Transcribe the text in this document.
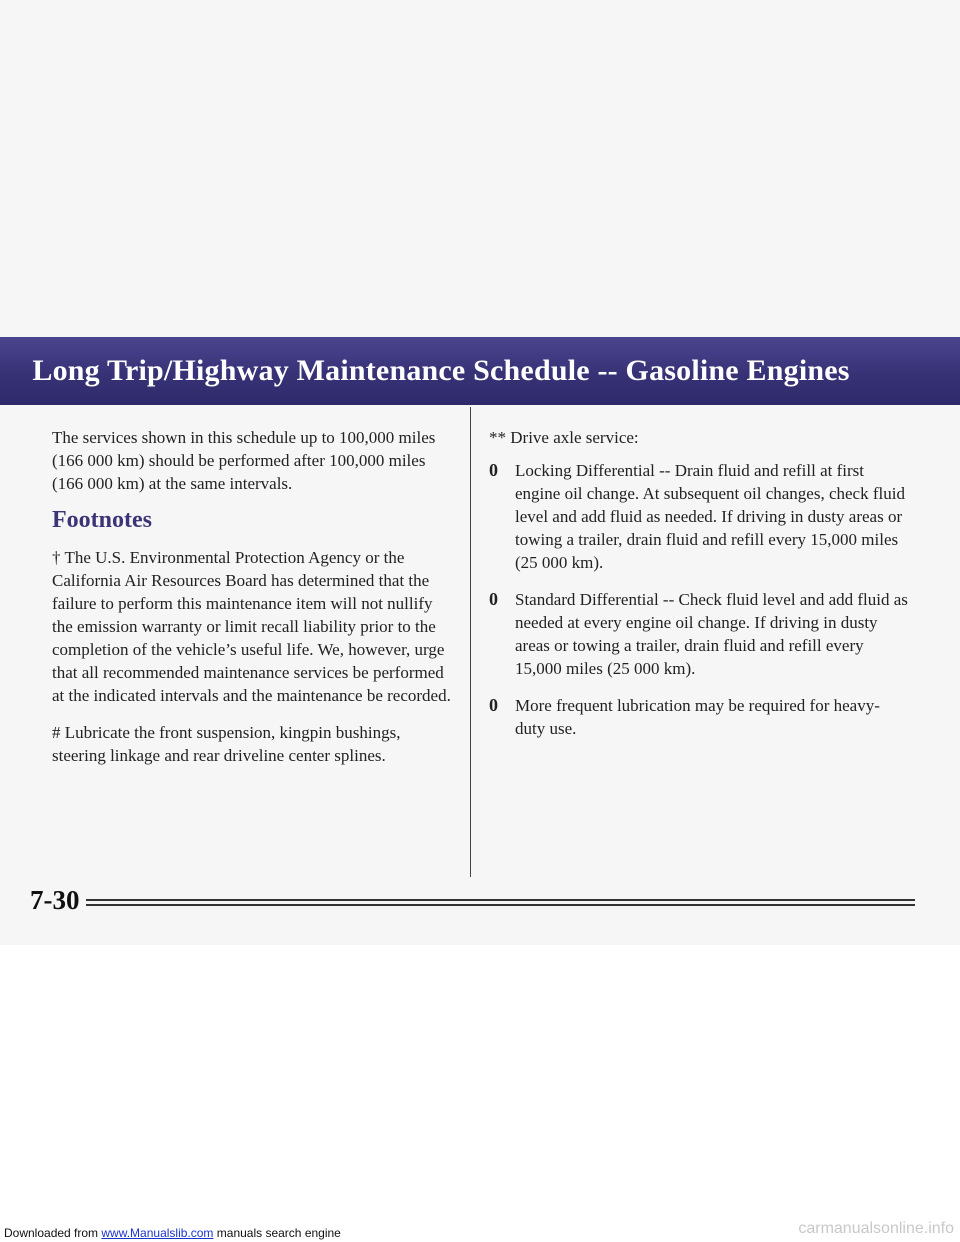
Long Trip/Highway Maintenance Schedule -- Gasoline Engines

The services shown in this schedule up to 100,000 miles (166 000 km) should be performed after 100,000 miles (166 000 km) at the same intervals.

Footnotes

† The U.S. Environmental Protection Agency or the California Air Resources Board has determined that the failure to perform this maintenance item will not nullify the emission warranty or limit recall liability prior to the completion of the vehicle’s useful life. We, however, urge that all recommended maintenance services be performed at the indicated intervals and the maintenance be recorded.

# Lubricate the front suspension, kingpin bushings, steering linkage and rear driveline center splines.

** Drive axle service:

0	Locking Differential -- Drain fluid and refill at first engine oil change. At subsequent oil changes, check fluid level and add fluid as needed. If driving in dusty areas or towing a trailer, drain fluid and refill every 15,000 miles (25 000 km).
0	Standard Differential -- Check fluid level and add fluid as needed at every engine oil change. If driving in dusty areas or towing a trailer, drain fluid and refill every 15,000 miles (25 000 km).
0	More frequent lubrication may be required for heavy-duty use.
7-30
Downloaded from www.Manualslib.com manuals search engine	carmanualsonline.info
